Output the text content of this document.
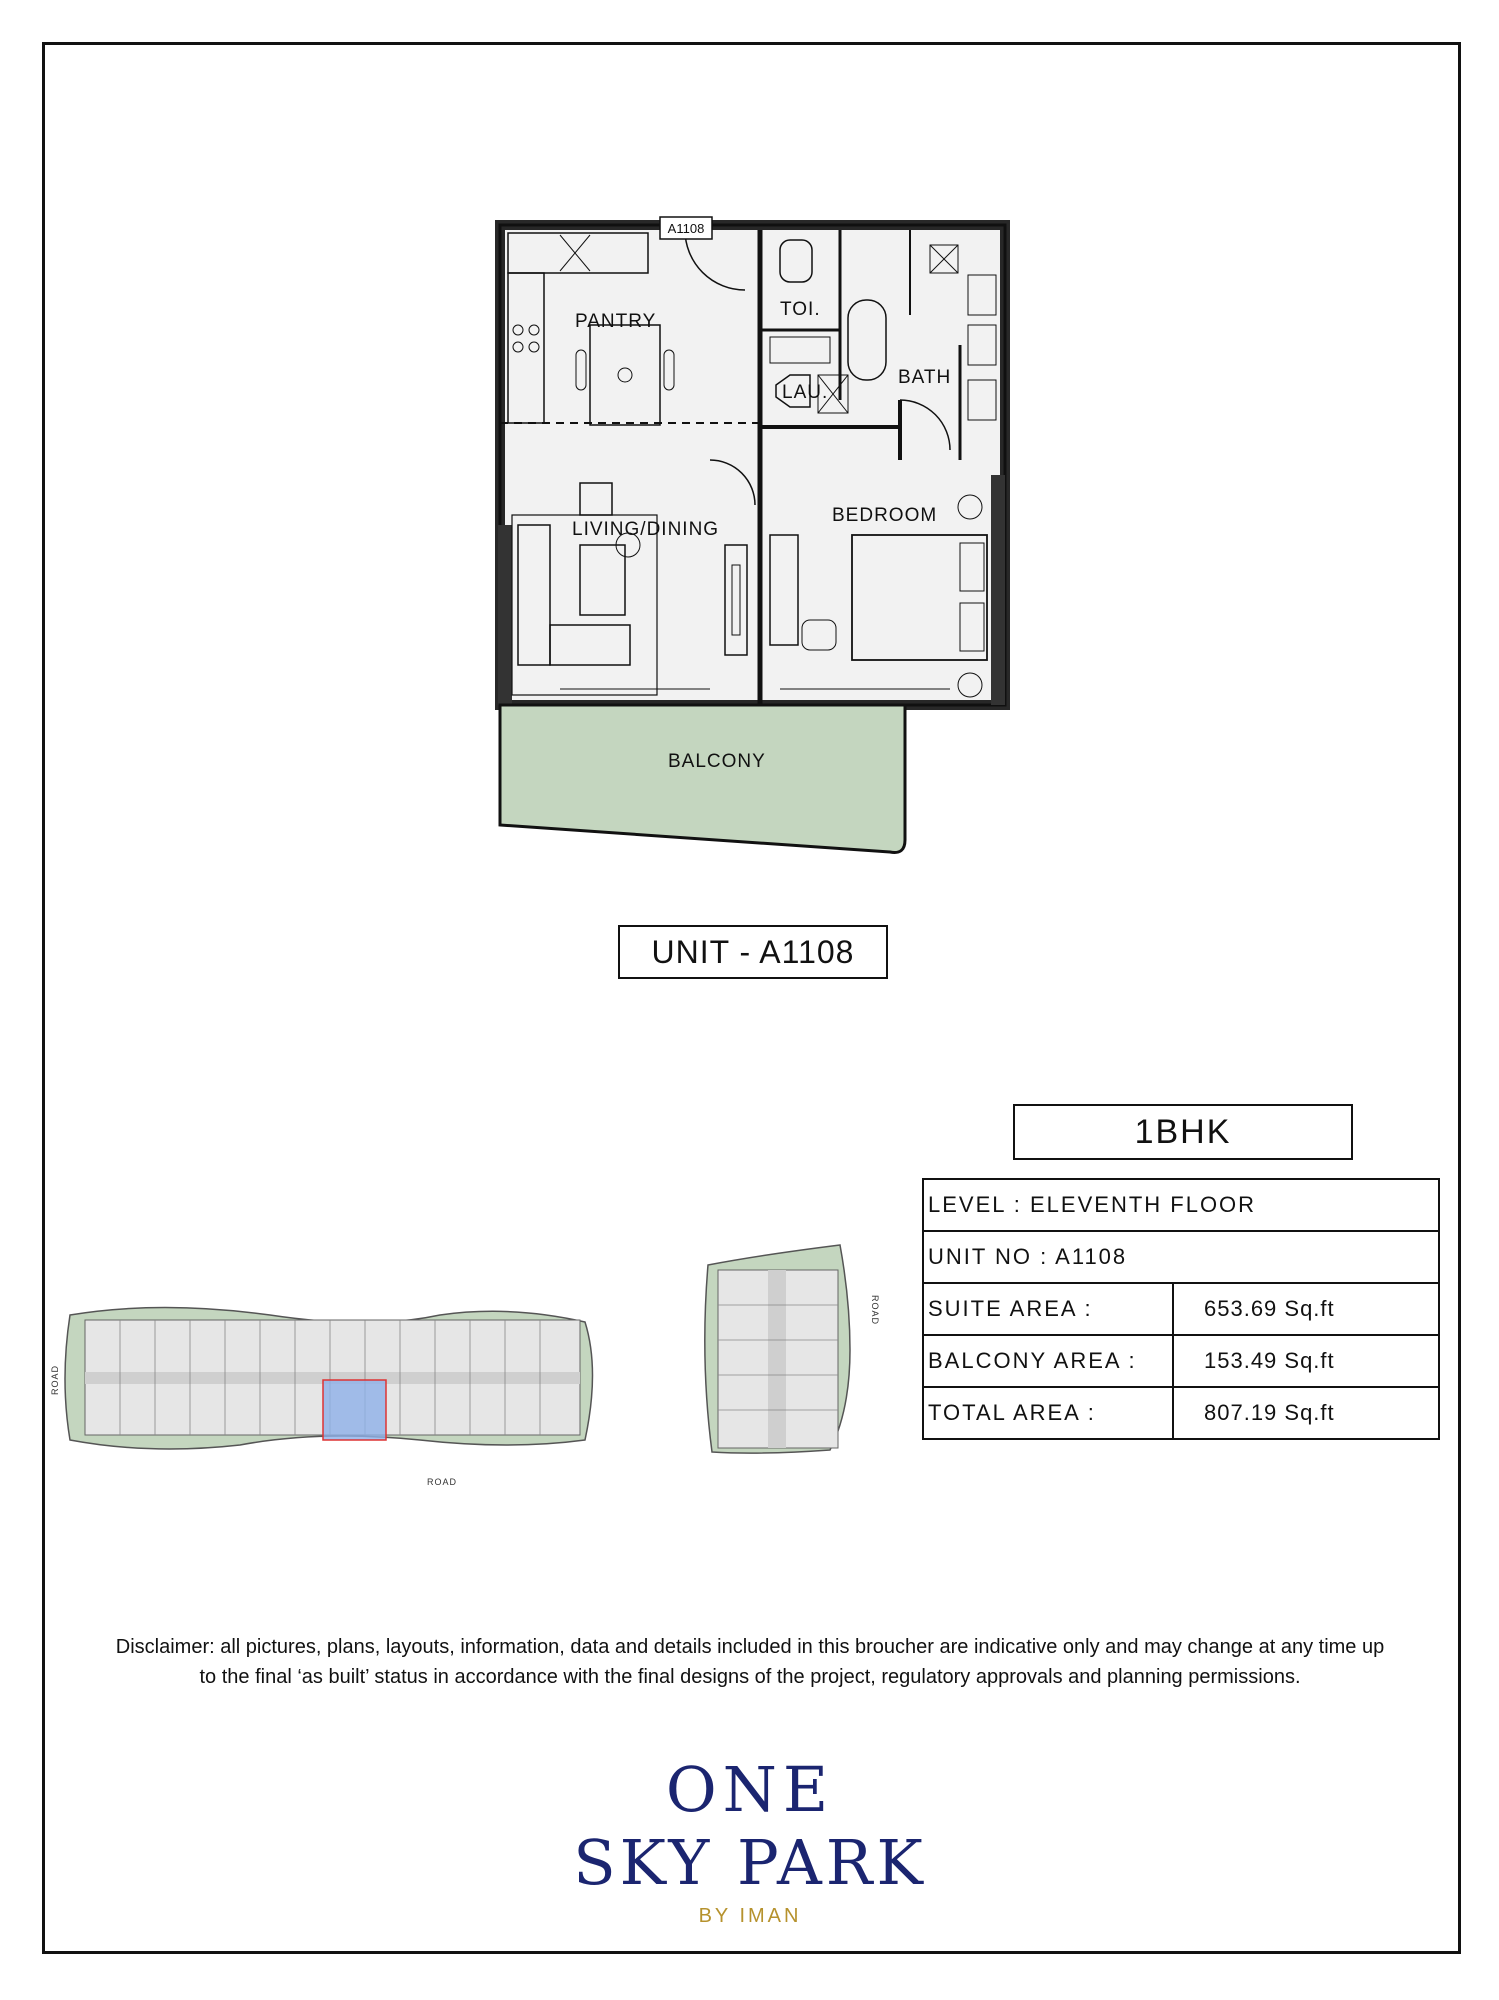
A1108
PANTRY
TOI.
LAU.
BATH
LIVING/DINING
BEDROOM
BALCONY
UNIT - A1108
1BHK
LEVEL : ELEVENTH FLOOR	
UNIT NO : A1108	
SUITE AREA :	653.69 Sq.ft
BALCONY AREA :	153.49 Sq.ft
TOTAL AREA :	807.19 Sq.ft
ROAD
ROAD
ROAD
Disclaimer: all pictures, plans, layouts, information, data and details included in this broucher are indicative only and may change at any time up to the final ‘as built’ status in accordance with the final designs of the project, regulatory approvals and planning permissions.
ONE
SKY PARK
BY IMAN
